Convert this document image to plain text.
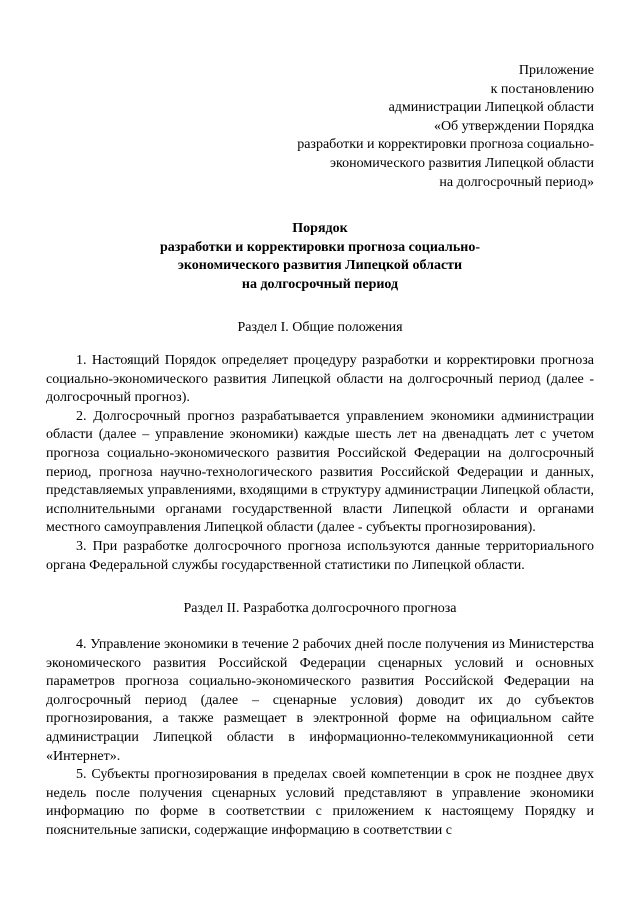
Приложение
к постановлению
администрации Липецкой области
«Об утверждении Порядка
разработки и корректировки прогноза социально-
экономического развития Липецкой области
на долгосрочный период»
Порядок
разработки и корректировки прогноза социально-
экономического развития Липецкой области
на долгосрочный период
Раздел I. Общие положения

1. Настоящий Порядок определяет процедуру разработки и корректировки прогноза социально-экономического развития Липецкой области на долгосрочный период (далее - долгосрочный прогноз).

2. Долгосрочный прогноз разрабатывается управлением экономики администрации области (далее – управление экономики) каждые шесть лет на двенадцать лет с учетом прогноза социально-экономического развития Российской Федерации на долгосрочный период, прогноза научно-технологического развития Российской Федерации и данных, представляемых управлениями, входящими в структуру администрации Липецкой области, исполнительными органами государственной власти Липецкой области и органами местного самоуправления Липецкой области (далее - субъекты прогнозирования).

3. При разработке долгосрочного прогноза используются данные территориального органа Федеральной службы государственной статистики по Липецкой области.

Раздел II. Разработка долгосрочного прогноза

4. Управление экономики в течение 2 рабочих дней после получения из Министерства экономического развития Российской Федерации сценарных условий и основных параметров прогноза социально-экономического развития Российской Федерации на долгосрочный период (далее – сценарные условия) доводит их до субъектов прогнозирования, а также размещает в электронной форме на официальном сайте администрации Липецкой области в информационно-телекоммуникационной сети «Интернет».

5. Субъекты прогнозирования в пределах своей компетенции в срок не позднее двух недель после получения сценарных условий представляют в управление экономики информацию по форме в соответствии с приложением к настоящему Порядку и пояснительные записки, содержащие информацию в соответствии с
